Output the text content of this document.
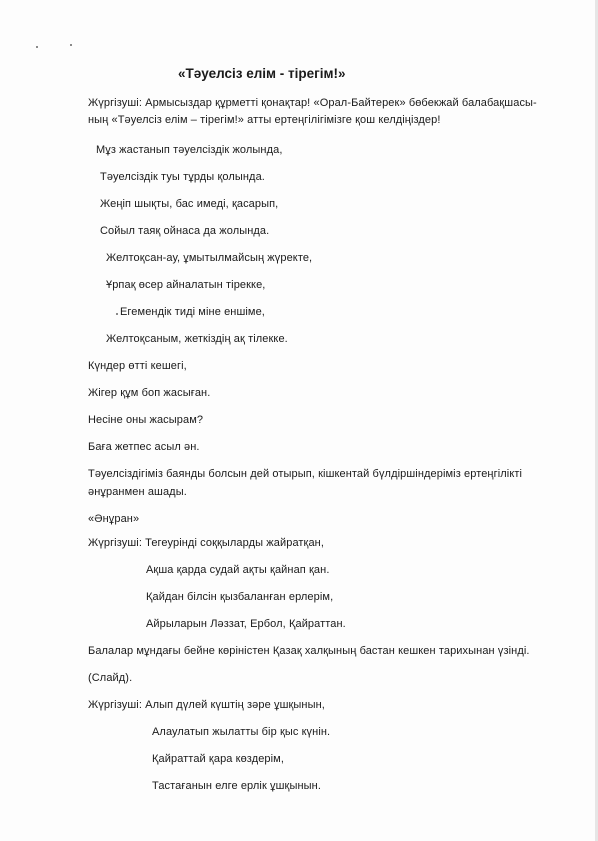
«Тәуелсіз елім - тірегім!»
Жүргізуші: Армысыздар құрметті қонақтар! «Орал-Байтерек» бөбекжай балабақшасы-
ның «Тәуелсіз елім – тірегім!» атты ертеңгілігімізге қош келдіңіздер!
Мұз жастанып тәуелсіздік жолында,
Тәуелсіздік туы тұрды қолында.
Жеңіп шықты, бас имеді, қасарып,
Сойыл таяқ ойнаса да жолында.
Желтоқсан-ау, ұмытылмайсың жүректе,
Ұрпақ өсер айналатын тірекке,
Егемендік тиді міне еншіме,
Желтоқсаным, жеткіздің ақ тілекке.
Күндер өтті кешегі,
Жігер құм боп жасыған.
Несіне оны жасырам?
Баға жетпес асыл ән.
Тәуелсіздігіміз баянды болсын дей отырып, кішкентай бүлдіршіндеріміз ертеңгілікті
әнұранмен ашады.
«Әнұран»
Жүргізуші: Тегеурінді соққыларды жайратқан,
Ақша қарда судай ақты қайнап қан.
Қайдан білсін қызбаланған ерлерім,
Айрыларын Ләззат, Ербол, Қайраттан.
Балалар мұндағы бейне көріністен Қазақ халқының бастан кешкен тарихынан үзінді.
(Слайд).
Жүргізуші: Алып дүлей күштің зәре ұшқынын,
Алаулатып жылатты бір қыс күнін.
Қайраттай қара көздерім,
Тастағанын елге ерлік ұшқынын.
